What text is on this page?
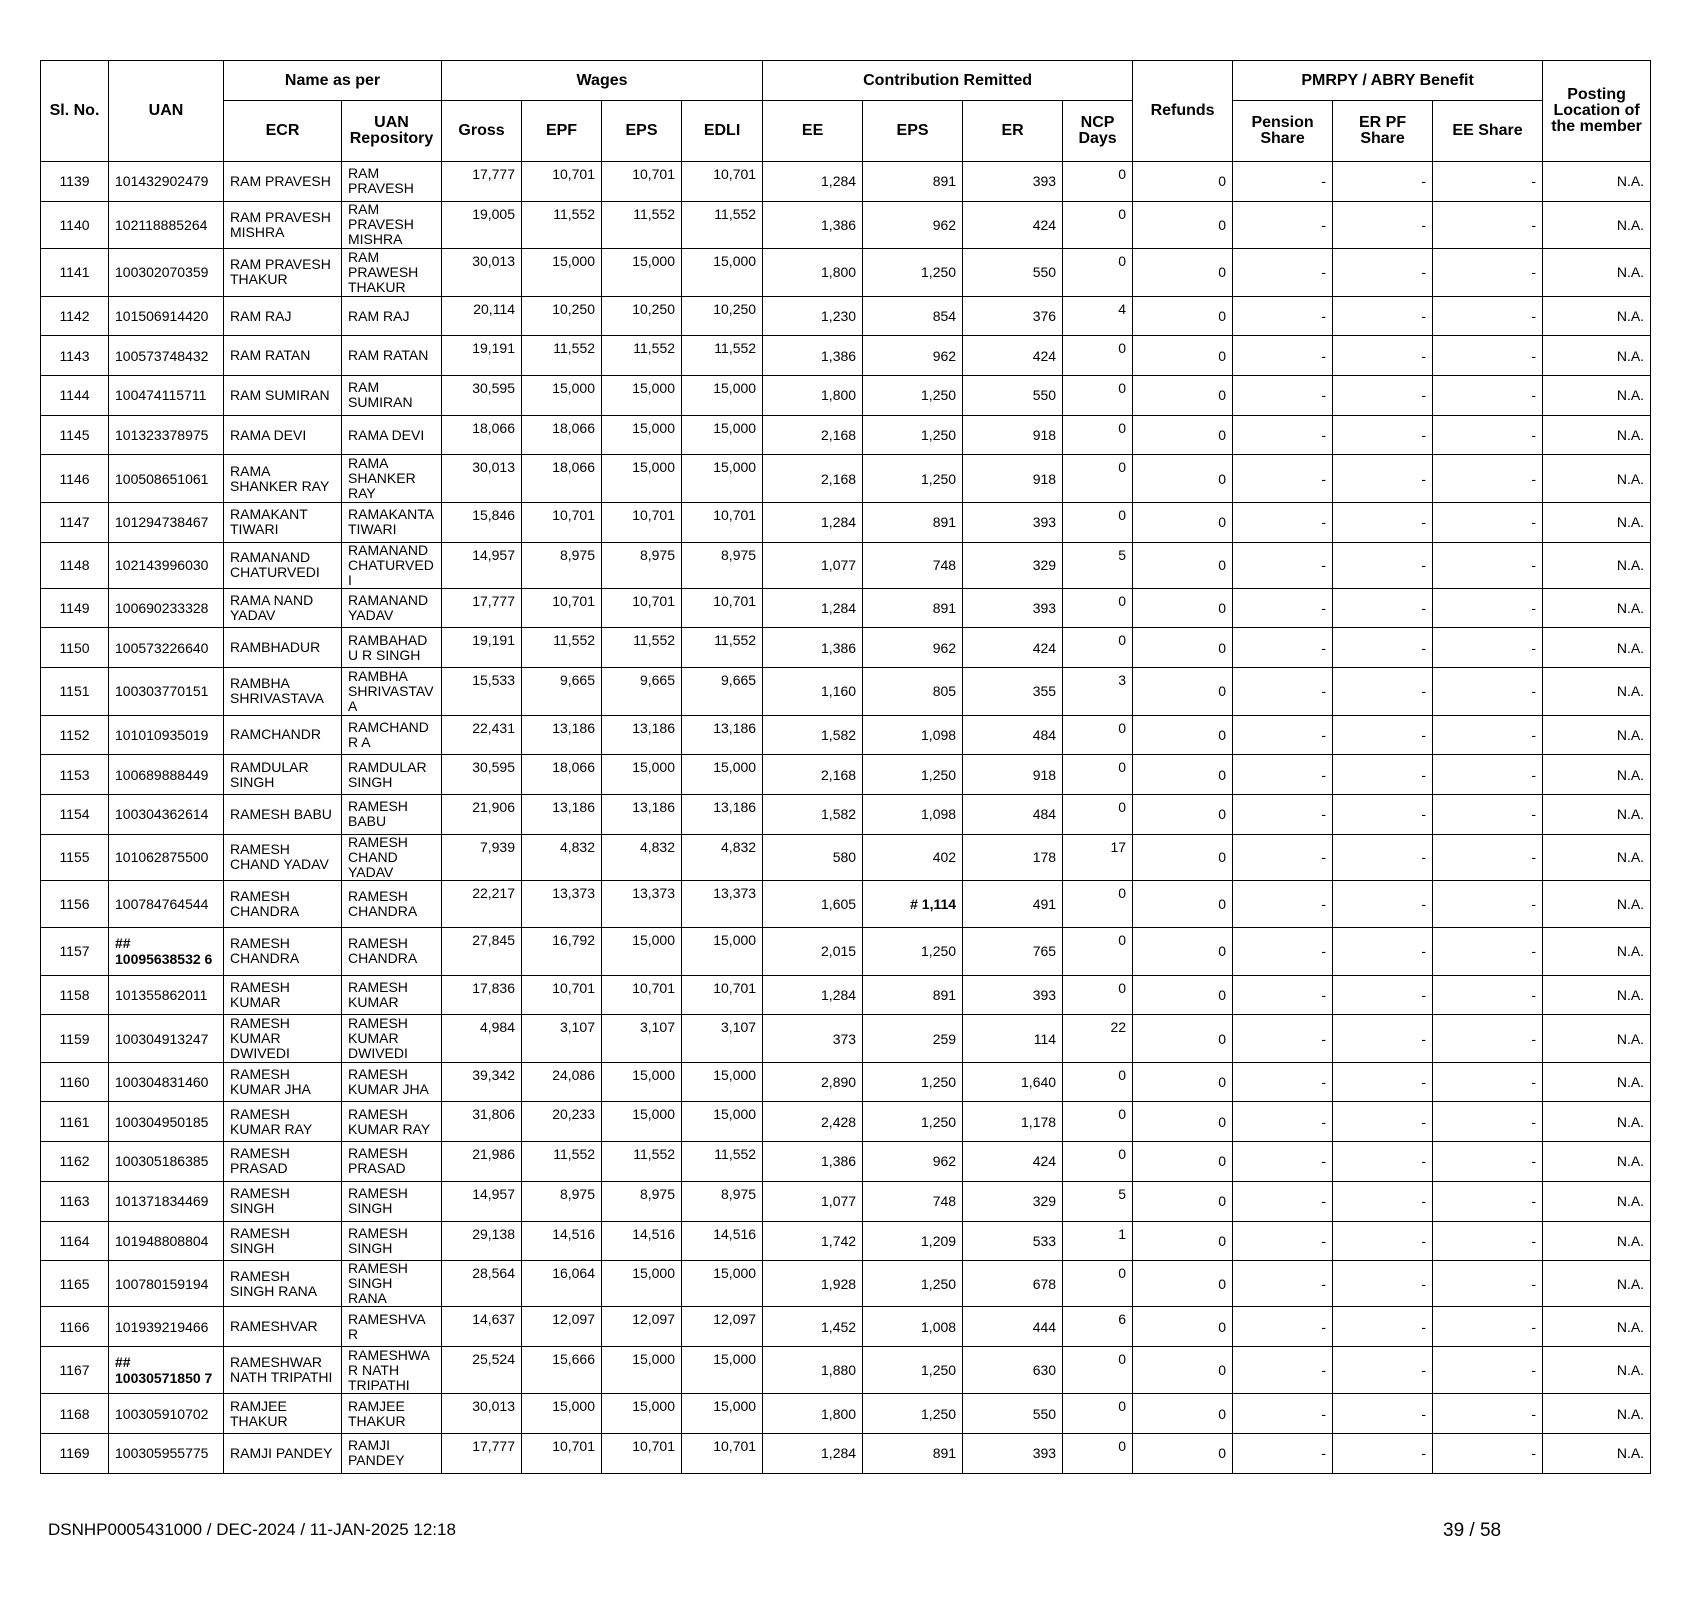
Sl. No.	UAN	Name as per		Wages				Contribution Remitted				Refunds	PMRPY / ABRY Benefit			Posting Location of the member
		ECR	UAN Repository	Gross	EPF	EPS	EDLI	EE	EPS	ER	NCP Days		Pension Share	ER PF Share	EE Share	
1139	101432902479	RAM PRAVESH	RAM PRAVESH	17,777	10,701	10,701	10,701	1,284	891	393	0	0	-	-	-	N.A.
1140	102118885264	RAM PRAVESH MISHRA	RAM PRAVESH MISHRA	19,005	11,552	11,552	11,552	1,386	962	424	0	0	-	-	-	N.A.
1141	100302070359	RAM PRAVESH THAKUR	RAM PRAWESH THAKUR	30,013	15,000	15,000	15,000	1,800	1,250	550	0	0	-	-	-	N.A.
1142	101506914420	RAM RAJ	RAM RAJ	20,114	10,250	10,250	10,250	1,230	854	376	4	0	-	-	-	N.A.
1143	100573748432	RAM RATAN	RAM RATAN	19,191	11,552	11,552	11,552	1,386	962	424	0	0	-	-	-	N.A.
1144	100474115711	RAM SUMIRAN	RAM SUMIRAN	30,595	15,000	15,000	15,000	1,800	1,250	550	0	0	-	-	-	N.A.
1145	101323378975	RAMA DEVI	RAMA DEVI	18,066	18,066	15,000	15,000	2,168	1,250	918	0	0	-	-	-	N.A.
1146	100508651061	RAMA SHANKER RAY	RAMA SHANKER RAY	30,013	18,066	15,000	15,000	2,168	1,250	918	0	0	-	-	-	N.A.
1147	101294738467	RAMAKANT TIWARI	RAMAKANTA TIWARI	15,846	10,701	10,701	10,701	1,284	891	393	0	0	-	-	-	N.A.
1148	102143996030	RAMANAND CHATURVEDI	RAMANAND CHATURVEDI	14,957	8,975	8,975	8,975	1,077	748	329	5	0	-	-	-	N.A.
1149	100690233328	RAMA NAND YADAV	RAMANAND YADAV	17,777	10,701	10,701	10,701	1,284	891	393	0	0	-	-	-	N.A.
1150	100573226640	RAMBHADUR	RAMBAHADU R SINGH	19,191	11,552	11,552	11,552	1,386	962	424	0	0	-	-	-	N.A.
1151	100303770151	RAMBHA SHRIVASTAVA	RAMBHA SHRIVASTAV A	15,533	9,665	9,665	9,665	1,160	805	355	3	0	-	-	-	N.A.
1152	101010935019	RAMCHANDR	RAMCHANDR A	22,431	13,186	13,186	13,186	1,582	1,098	484	0	0	-	-	-	N.A.
1153	100689888449	RAMDULAR SINGH	RAMDULAR SINGH	30,595	18,066	15,000	15,000	2,168	1,250	918	0	0	-	-	-	N.A.
1154	100304362614	RAMESH BABU	RAMESH BABU	21,906	13,186	13,186	13,186	1,582	1,098	484	0	0	-	-	-	N.A.
1155	101062875500	RAMESH CHAND YADAV	RAMESH CHAND YADAV	7,939	4,832	4,832	4,832	580	402	178	17	0	-	-	-	N.A.
1156	100784764544	RAMESH CHANDRA	RAMESH CHANDRA	22,217	13,373	13,373	13,373	1,605	# 1,114	491	0	0	-	-	-	N.A.
1157	## 10095638532 6	RAMESH CHANDRA	RAMESH CHANDRA	27,845	16,792	15,000	15,000	2,015	1,250	765	0	0	-	-	-	N.A.
1158	101355862011	RAMESH KUMAR	RAMESH KUMAR	17,836	10,701	10,701	10,701	1,284	891	393	0	0	-	-	-	N.A.
1159	100304913247	RAMESH KUMAR DWIVEDI	RAMESH KUMAR DWIVEDI	4,984	3,107	3,107	3,107	373	259	114	22	0	-	-	-	N.A.
1160	100304831460	RAMESH KUMAR JHA	RAMESH KUMAR JHA	39,342	24,086	15,000	15,000	2,890	1,250	1,640	0	0	-	-	-	N.A.
1161	100304950185	RAMESH KUMAR RAY	RAMESH KUMAR RAY	31,806	20,233	15,000	15,000	2,428	1,250	1,178	0	0	-	-	-	N.A.
1162	100305186385	RAMESH PRASAD	RAMESH PRASAD	21,986	11,552	11,552	11,552	1,386	962	424	0	0	-	-	-	N.A.
1163	101371834469	RAMESH SINGH	RAMESH SINGH	14,957	8,975	8,975	8,975	1,077	748	329	5	0	-	-	-	N.A.
1164	101948808804	RAMESH SINGH	RAMESH SINGH	29,138	14,516	14,516	14,516	1,742	1,209	533	1	0	-	-	-	N.A.
1165	100780159194	RAMESH SINGH RANA	RAMESH SINGH RANA	28,564	16,064	15,000	15,000	1,928	1,250	678	0	0	-	-	-	N.A.
1166	101939219466	RAMESHVAR	RAMESHVAR	14,637	12,097	12,097	12,097	1,452	1,008	444	6	0	-	-	-	N.A.
1167	## 10030571850 7	RAMESHWAR NATH TRIPATHI	RAMESHWAR NATH TRIPATHI	25,524	15,666	15,000	15,000	1,880	1,250	630	0	0	-	-	-	N.A.
1168	100305910702	RAMJEE THAKUR	RAMJEE THAKUR	30,013	15,000	15,000	15,000	1,800	1,250	550	0	0	-	-	-	N.A.
1169	100305955775	RAMJI PANDEY	RAMJI PANDEY	17,777	10,701	10,701	10,701	1,284	891	393	0	0	-	-	-	N.A.
DSNHP0005431000 / DEC-2024 / 11-JAN-2025 12:18	39 / 58
